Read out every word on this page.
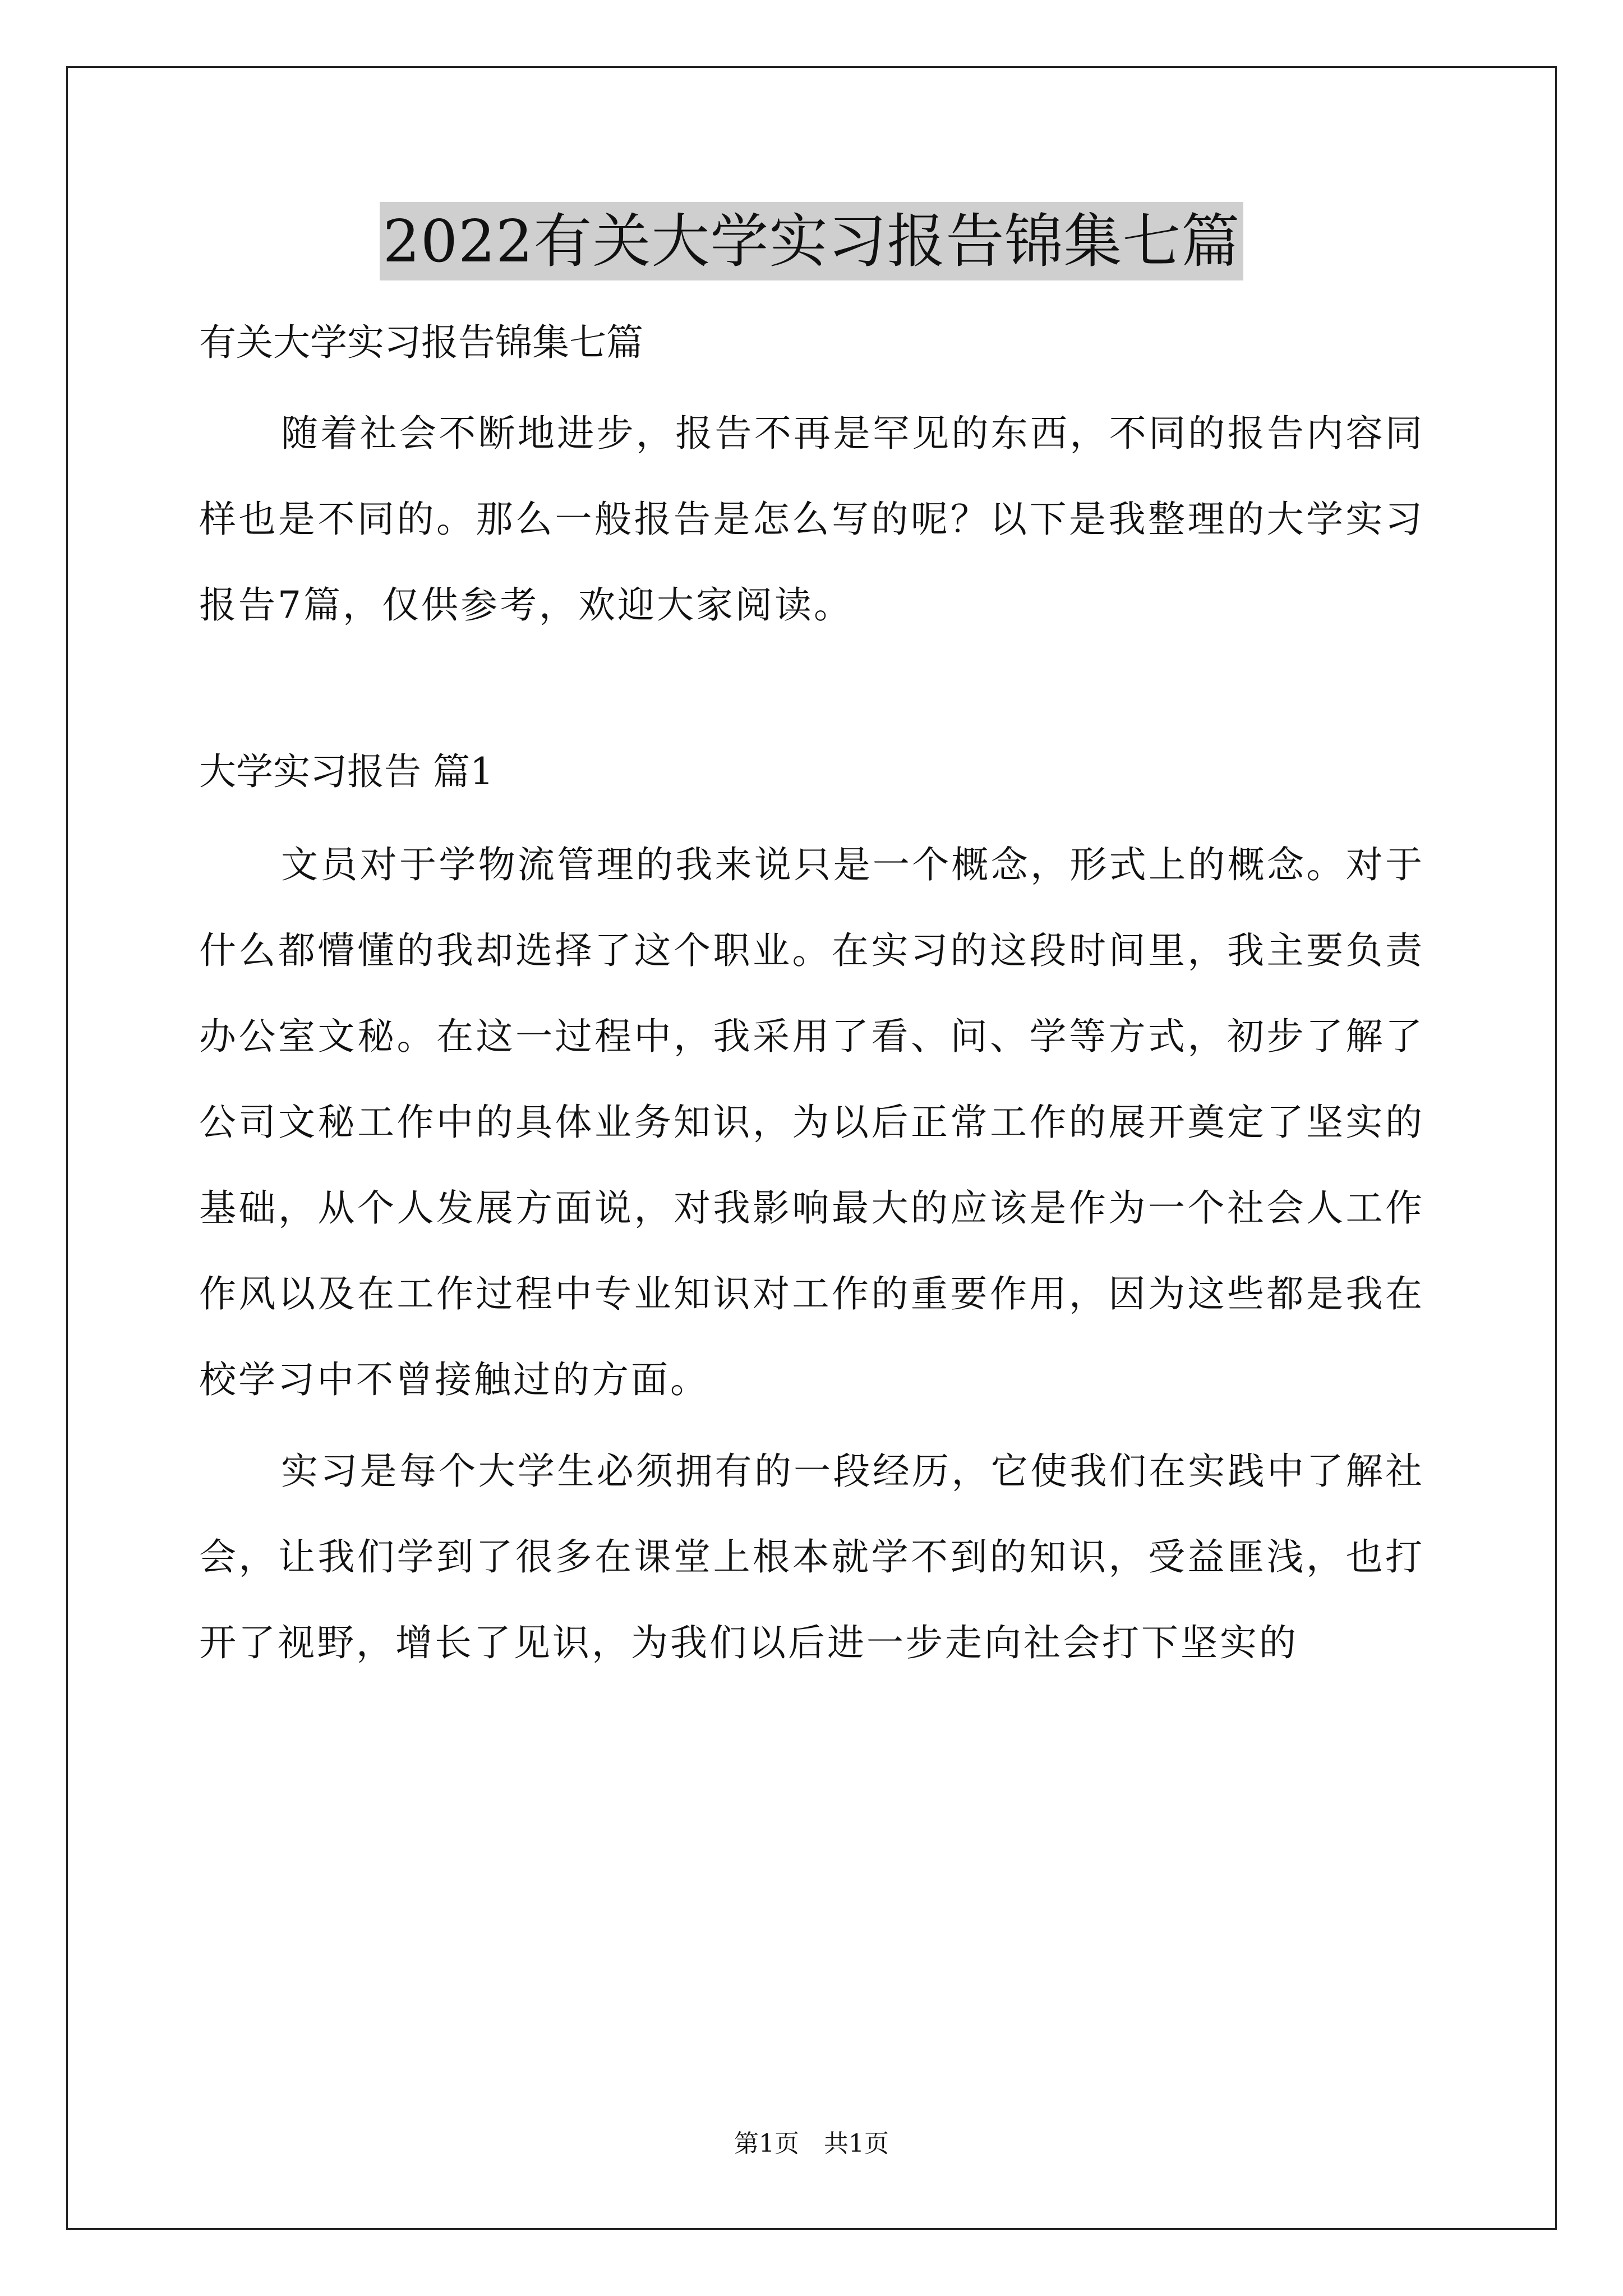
2022有关大学实习报告锦集七篇

有关大学实习报告锦集七篇

随着社会不断地进步，报告不再是罕见的东西，不同的报告内容同样也是不同的。那么一般报告是怎么写的呢？以下是我整理的大学实习报告7篇，仅供参考，欢迎大家阅读。

大学实习报告 篇1

文员对于学物流管理的我来说只是一个概念，形式上的概念。对于什么都懵懂的我却选择了这个职业。在实习的这段时间里，我主要负责办公室文秘。在这一过程中，我采用了看、问、学等方式，初步了解了公司文秘工作中的具体业务知识，为以后正常工作的展开奠定了坚实的基础，从个人发展方面说，对我影响最大的应该是作为一个社会人工作作风以及在工作过程中专业知识对工作的重要作用，因为这些都是我在校学习中不曾接触过的方面。

实习是每个大学生必须拥有的一段经历，它使我们在实践中了解社会，让我们学到了很多在课堂上根本就学不到的知识，受益匪浅，也打开了视野，增长了见识，为我们以后进一步走向社会打下坚实的

第1页　共1页
